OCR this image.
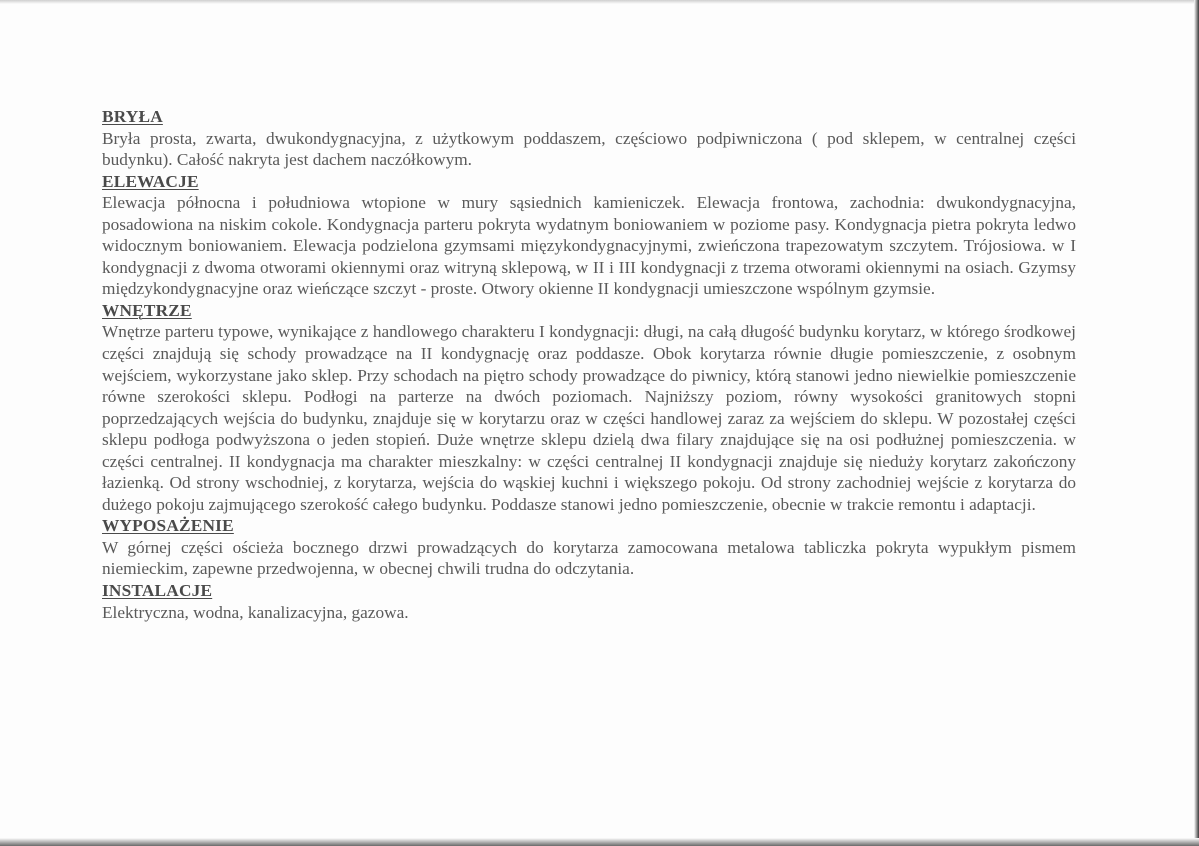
BRYŁA

Bryła prosta, zwarta, dwukondygnacyjna, z użytkowym poddaszem, częściowo podpiwniczona ( pod sklepem, w centralnej części budynku). Całość nakryta jest dachem naczółkowym.

ELEWACJE

Elewacja północna i południowa wtopione w mury sąsiednich kamieniczek. Elewacja frontowa, zachodnia: dwukondygnacyjna, posadowiona na niskim cokole. Kondygnacja parteru pokryta wydatnym boniowaniem w poziome pasy. Kondygnacja pietra pokryta ledwo widocznym boniowaniem. Elewacja podzielona gzymsami mięzykondygnacyjnymi, zwieńczona trapezowatym szczytem. Trójosiowa. w I kondygnacji z dwoma otworami okiennymi oraz witryną sklepową, w II i III kondygnacji z trzema otworami okiennymi na osiach. Gzymsy międzykondygnacyjne oraz wieńczące szczyt - proste. Otwory okienne II kondygnacji umieszczone wspólnym gzymsie.

WNĘTRZE

Wnętrze parteru typowe, wynikające z handlowego charakteru I kondygnacji: długi, na całą długość budynku korytarz, w którego środkowej części znajdują się schody prowadzące na II kondygnację oraz poddasze. Obok korytarza równie długie pomieszczenie, z osobnym wejściem, wykorzystane jako sklep. Przy schodach na piętro schody prowadzące do piwnicy, którą stanowi jedno niewielkie pomieszczenie równe szerokości sklepu. Podłogi na parterze na dwóch poziomach. Najniższy poziom, równy wysokości granitowych stopni poprzedzających wejścia do budynku, znajduje się w korytarzu oraz w części handlowej zaraz za wejściem do sklepu. W pozostałej części sklepu podłoga podwyższona o jeden stopień. Duże wnętrze sklepu dzielą dwa filary znajdujące się na osi podłużnej pomieszczenia. w części centralnej. II kondygnacja ma charakter mieszkalny: w części centralnej II kondygnacji znajduje się nieduży korytarz zakończony łazienką. Od strony wschodniej, z korytarza, wejścia do wąskiej kuchni i większego pokoju. Od strony zachodniej wejście z korytarza do dużego pokoju zajmującego szerokość całego budynku. Poddasze stanowi jedno pomieszczenie, obecnie w trakcie remontu i adaptacji.

WYPOSAŻENIE

W górnej części ościeża bocznego drzwi prowadzących do korytarza zamocowana metalowa tabliczka pokryta wypukłym pismem niemieckim, zapewne przedwojenna, w obecnej chwili trudna do odczytania.

INSTALACJE

Elektryczna, wodna, kanalizacyjna, gazowa.
